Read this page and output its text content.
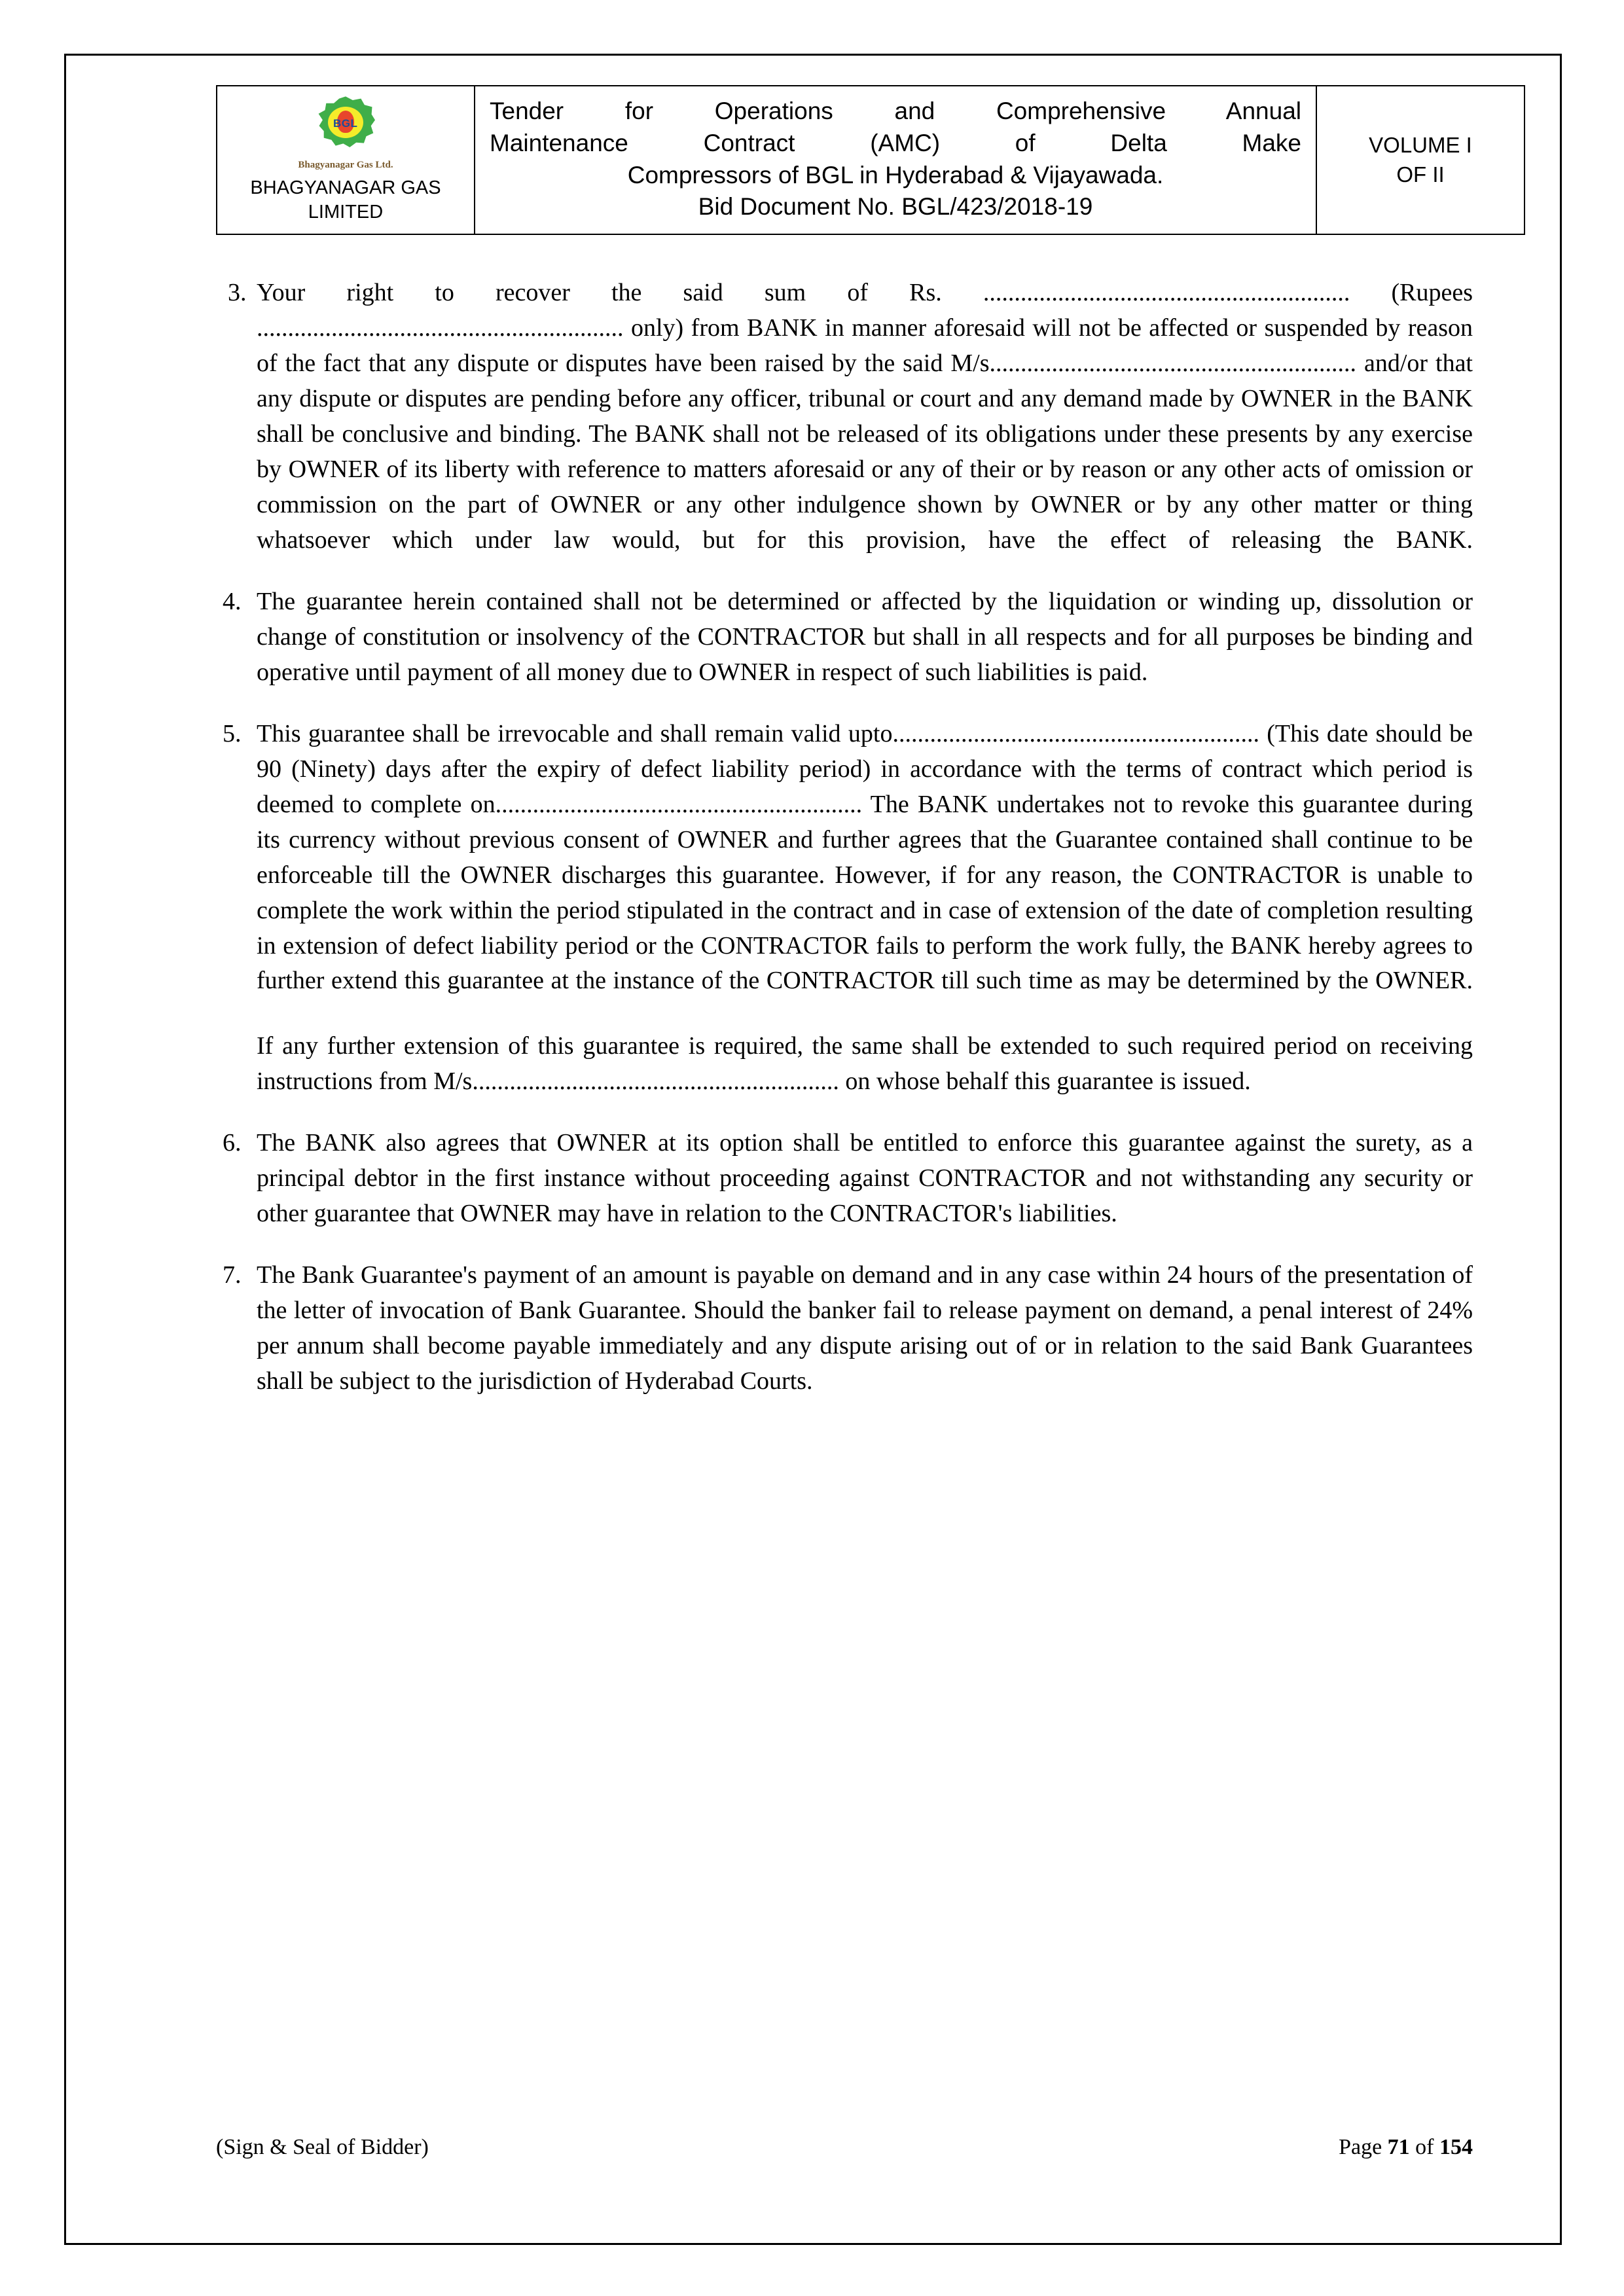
BGL
Bhagyanagar Gas Ltd.
BHAGYANAGAR GAS
LIMITED

Tender for Operations and Comprehensive Annual
Maintenance Contract (AMC) of Delta Make
Compressors of BGL in Hyderabad & Vijayawada.
Bid Document No. BGL/423/2018-19

VOLUME I
OF II
3. Your right to recover the said sum of Rs. ........................................................... (Rupees ........................................................... only) from BANK in manner aforesaid will not be affected or suspended by reason of the fact that any dispute or disputes have been raised by the said M/s........................................................... and/or that any dispute or disputes are pending before any officer, tribunal or court and any demand made by OWNER in the BANK shall be conclusive and binding. The BANK shall not be released of its obligations under these presents by any exercise by OWNER of its liberty with reference to matters aforesaid or any of their or by reason or any other acts of omission or commission on the part of OWNER or any other indulgence shown by OWNER or by any other matter or thing whatsoever which under law would, but for this provision, have the effect of releasing the BANK.

4. The guarantee herein contained shall not be determined or affected by the liquidation or winding up, dissolution or change of constitution or insolvency of the CONTRACTOR but shall in all respects and for all purposes be binding and operative until payment of all money due to OWNER in respect of such liabilities is paid.

5. This guarantee shall be irrevocable and shall remain valid upto........................................................... (This date should be 90 (Ninety) days after the expiry of defect liability period) in accordance with the terms of contract which period is deemed to complete on........................................................... The BANK undertakes not to revoke this guarantee during its currency without previous consent of OWNER and further agrees that the Guarantee contained shall continue to be enforceable till the OWNER discharges this guarantee. However, if for any reason, the CONTRACTOR is unable to complete the work within the period stipulated in the contract and in case of extension of the date of completion resulting in extension of defect liability period or the CONTRACTOR fails to perform the work fully, the BANK hereby agrees to further extend this guarantee at the instance of the CONTRACTOR till such time as may be determined by the OWNER.

If any further extension of this guarantee is required, the same shall be extended to such required period on receiving instructions from M/s........................................................... on whose behalf this guarantee is issued.

6. The BANK also agrees that OWNER at its option shall be entitled to enforce this guarantee against the surety, as a principal debtor in the first instance without proceeding against CONTRACTOR and not withstanding any security or other guarantee that OWNER may have in relation to the CONTRACTOR's liabilities.

7. The Bank Guarantee's payment of an amount is payable on demand and in any case within 24 hours of the presentation of the letter of invocation of Bank Guarantee. Should the banker fail to release payment on demand, a penal interest of 24% per annum shall become payable immediately and any dispute arising out of or in relation to the said Bank Guarantees shall be subject to the jurisdiction of Hyderabad Courts.

(Sign & Seal of Bidder)	Page 71 of 154
